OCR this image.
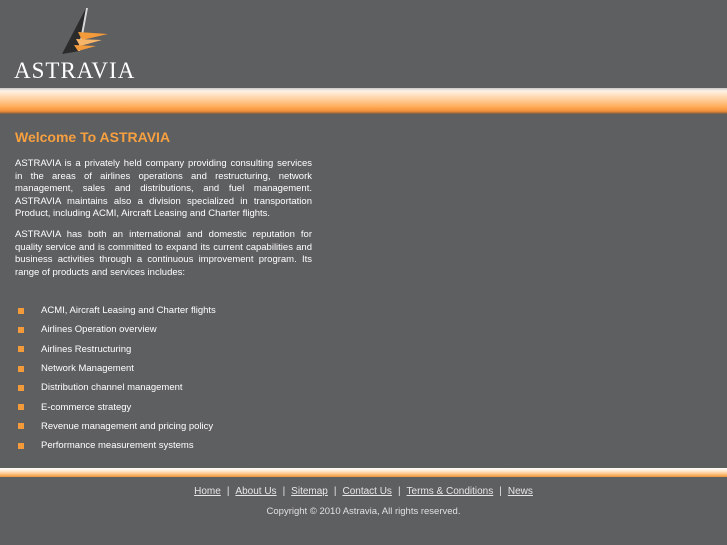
ASTRAVIA
Welcome To ASTRAVIA

ASTRAVIA is a privately held company providing consulting services in the areas of airlines operations and restructuring, network management, sales and distributions, and fuel management. ASTRAVIA maintains also a division specialized in transportation Product, including ACMI, Aircraft Leasing and Charter flights.

ASTRAVIA has both an international and domestic reputation for quality service and is committed to expand its current capabilities and business activities through a continuous improvement program. Its range of products and services includes:

ACMI, Aircraft Leasing and Charter flights
Airlines Operation overview
Airlines Restructuring
Network Management
Distribution channel management
E-commerce strategy
Revenue management and pricing policy
Performance measurement systems
Home | About Us | Sitemap | Contact Us | Terms & Conditions | News
Copyright © 2010 Astravia, All rights reserved.
